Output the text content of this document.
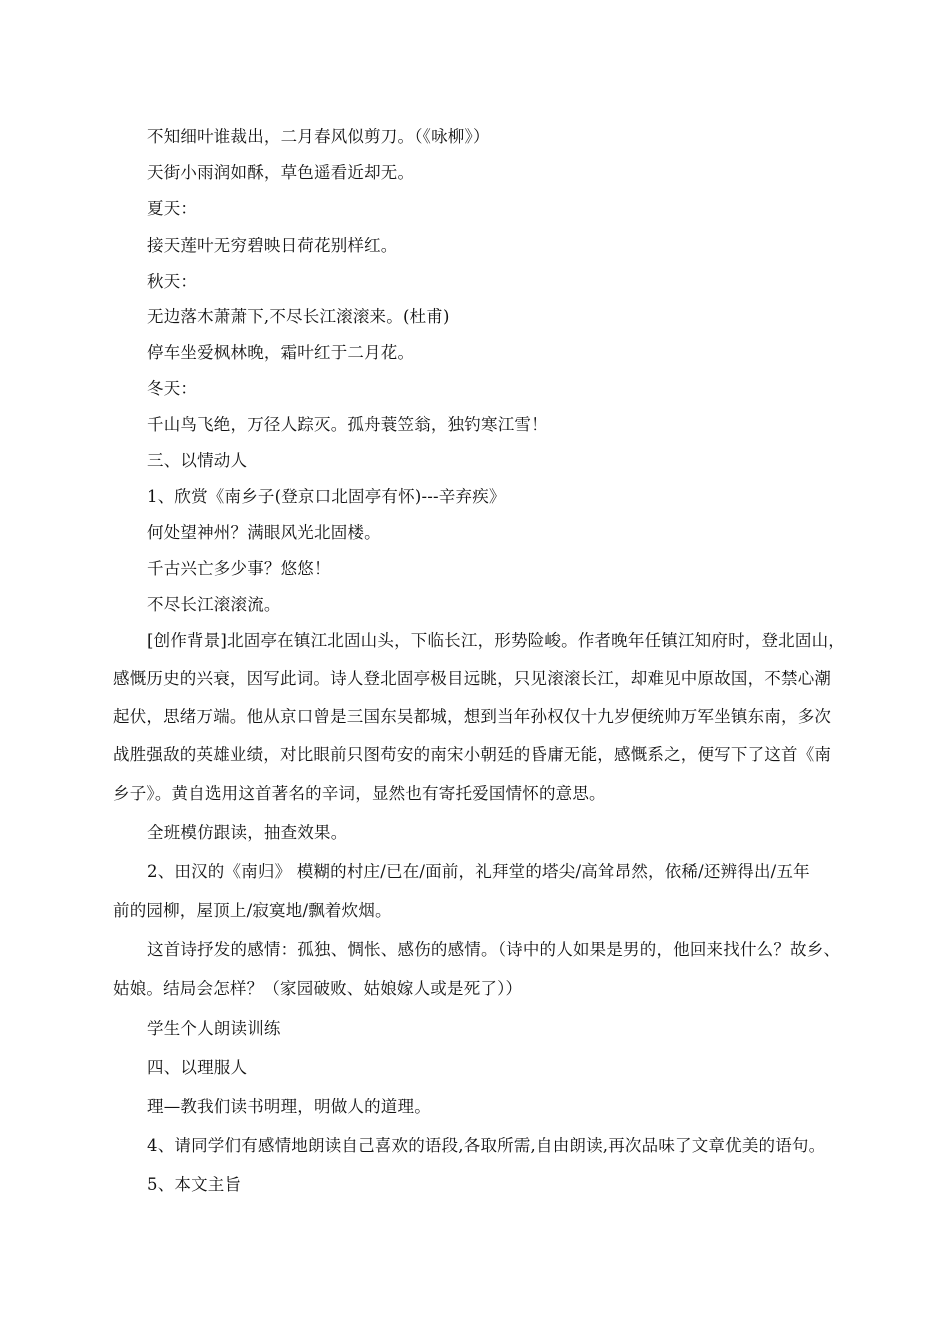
不知细叶谁裁出，二月春风似剪刀。（《咏柳》）
天街小雨润如酥，草色遥看近却无。
夏天：
接天莲叶无穷碧映日荷花别样红。
秋天：
无边落木萧萧下,不尽长江滚滚来。(杜甫)
停车坐爱枫林晚，霜叶红于二月花。
冬天：
千山鸟飞绝，万径人踪灭。孤舟蓑笠翁，独钓寒江雪！
三、以情动人
1、欣赏《南乡子(登京口北固亭有怀)---辛弃疾》
何处望神州？满眼风光北固楼。
千古兴亡多少事？悠悠！
不尽长江滚滚流。
[创作背景]北固亭在镇江北固山头，下临长江，形势险峻。作者晚年任镇江知府时，登北固山，
感慨历史的兴衰，因写此词。诗人登北固亭极目远眺，只见滚滚长江，却难见中原故国，不禁心潮
起伏，思绪万端。他从京口曾是三国东吴都城，想到当年孙权仅十九岁便统帅万军坐镇东南，多次
战胜强敌的英雄业绩，对比眼前只图苟安的南宋小朝廷的昏庸无能，感慨系之，便写下了这首《南
乡子》。黄自选用这首著名的辛词，显然也有寄托爱国情怀的意思。
全班模仿跟读，抽查效果。
2、田汉的《南归》 模糊的村庄/已在/面前，礼拜堂的塔尖/高耸昂然，依稀/还辨得出/五年
前的园柳，屋顶上/寂寞地/飘着炊烟。
这首诗抒发的感情：孤独、惆怅、感伤的感情。（诗中的人如果是男的，他回来找什么？故乡、
姑娘。结局会怎样？（家园破败、姑娘嫁人或是死了））
学生个人朗读训练
四、以理服人
理—教我们读书明理，明做人的道理。
4、请同学们有感情地朗读自己喜欢的语段,各取所需,自由朗读,再次品味了文章优美的语句。
5、本文主旨
